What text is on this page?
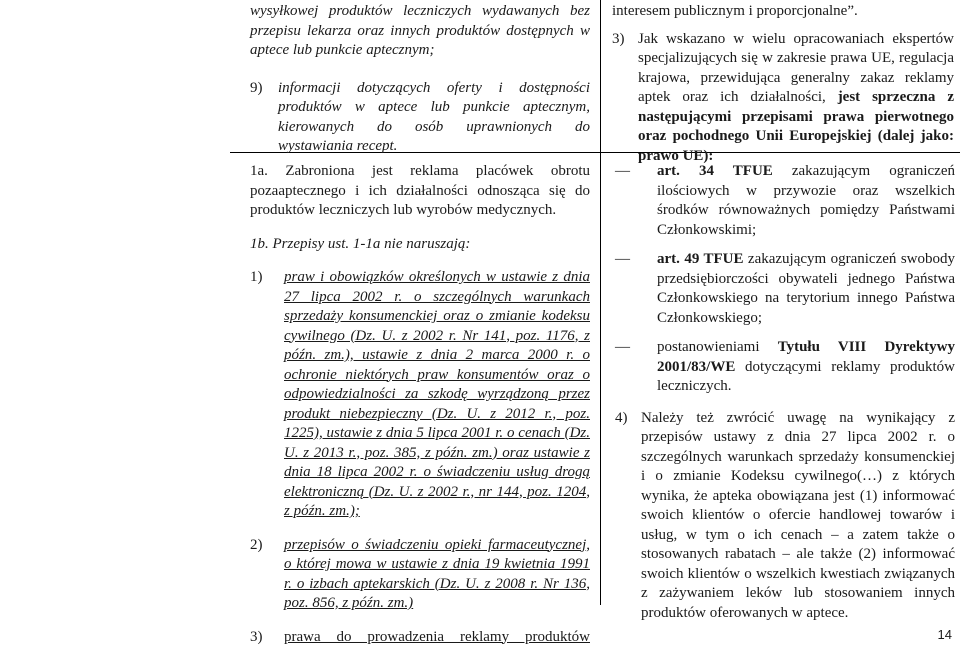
wysyłkowej produktów leczniczych wydawanych bez przepisu lekarza oraz innych produktów dostępnych w aptece lub punkcie aptecznym;

9)	informacji dotyczących oferty i dostępności produktów w aptece lub punkcie aptecznym, kierowanych do osób uprawnionych do wystawiania recept.

1a. Zabroniona jest reklama placówek obrotu pozaaptecznego i ich działalności odnosząca się do produktów leczniczych lub wyrobów medycznych.

1b. Przepisy ust. 1-1a nie naruszają:

1)	praw i obowiązków określonych w ustawie z dnia 27 lipca 2002 r. o szczególnych warunkach sprzedaży konsumenckiej oraz o zmianie kodeksu cywilnego (Dz. U. z 2002 r. Nr 141, poz. 1176, z późn. zm.), ustawie z dnia 2 marca 2000 r. o ochronie niektórych praw konsumentów oraz o odpowiedzialności za szkodę wyrządzoną przez produkt niebezpieczny (Dz. U. z 2012 r., poz. 1225), ustawie z dnia 5 lipca 2001 r. o cenach (Dz. U. z 2013 r., poz. 385, z późn. zm.) oraz ustawie z dnia 18 lipca 2002 r. o świadczeniu usług drogą elektroniczną (Dz. U. z 2002 r., nr 144, poz. 1204, z późn. zm.);
2)	przepisów o świadczeniu opieki farmaceutycznej, o której mowa w ustawie z dnia 19 kwietnia 1991 r. o izbach aptekarskich (Dz. U. z 2008 r. Nr 136, poz. 856, z późn. zm.)
3)	prawa do prowadzenia reklamy produktów

interesem publicznym i proporcjonalne”.

3) Jak wskazano w wielu opracowaniach ekspertów specjalizujących się w zakresie prawa UE, regulacja krajowa, przewidująca generalny zakaz reklamy aptek oraz ich działalności, jest sprzeczna z następującymi przepisami prawa pierwotnego oraz pochodnego Unii Europejskiej (dalej jako: prawo UE):
—	art. 34 TFUE zakazującym ograniczeń ilościowych w przywozie oraz wszelkich środków równoważnych pomiędzy Państwami Członkowskimi;
—	art. 49 TFUE zakazującym ograniczeń swobody przedsiębiorczości obywateli jednego Państwa Członkowskiego na terytorium innego Państwa Członkowskiego;
—	postanowieniami Tytułu VIII Dyrektywy 2001/83/WE dotyczącymi reklamy produktów leczniczych.
4) Należy też zwrócić uwagę na wynikający z przepisów ustawy z dnia 27 lipca 2002 r. o szczególnych warunkach sprzedaży konsumenckiej i o zmianie Kodeksu cywilnego(…) z których wynika, że apteka obowiązana jest (1) informować swoich klientów o ofercie handlowej towarów i usług, w tym o ich cenach – a zatem także o stosowanych rabatach – ale także (2) informować swoich klientów o wszelkich kwestiach związanych z zażywaniem leków lub stosowaniem innych produktów oferowanych w aptece.
14
